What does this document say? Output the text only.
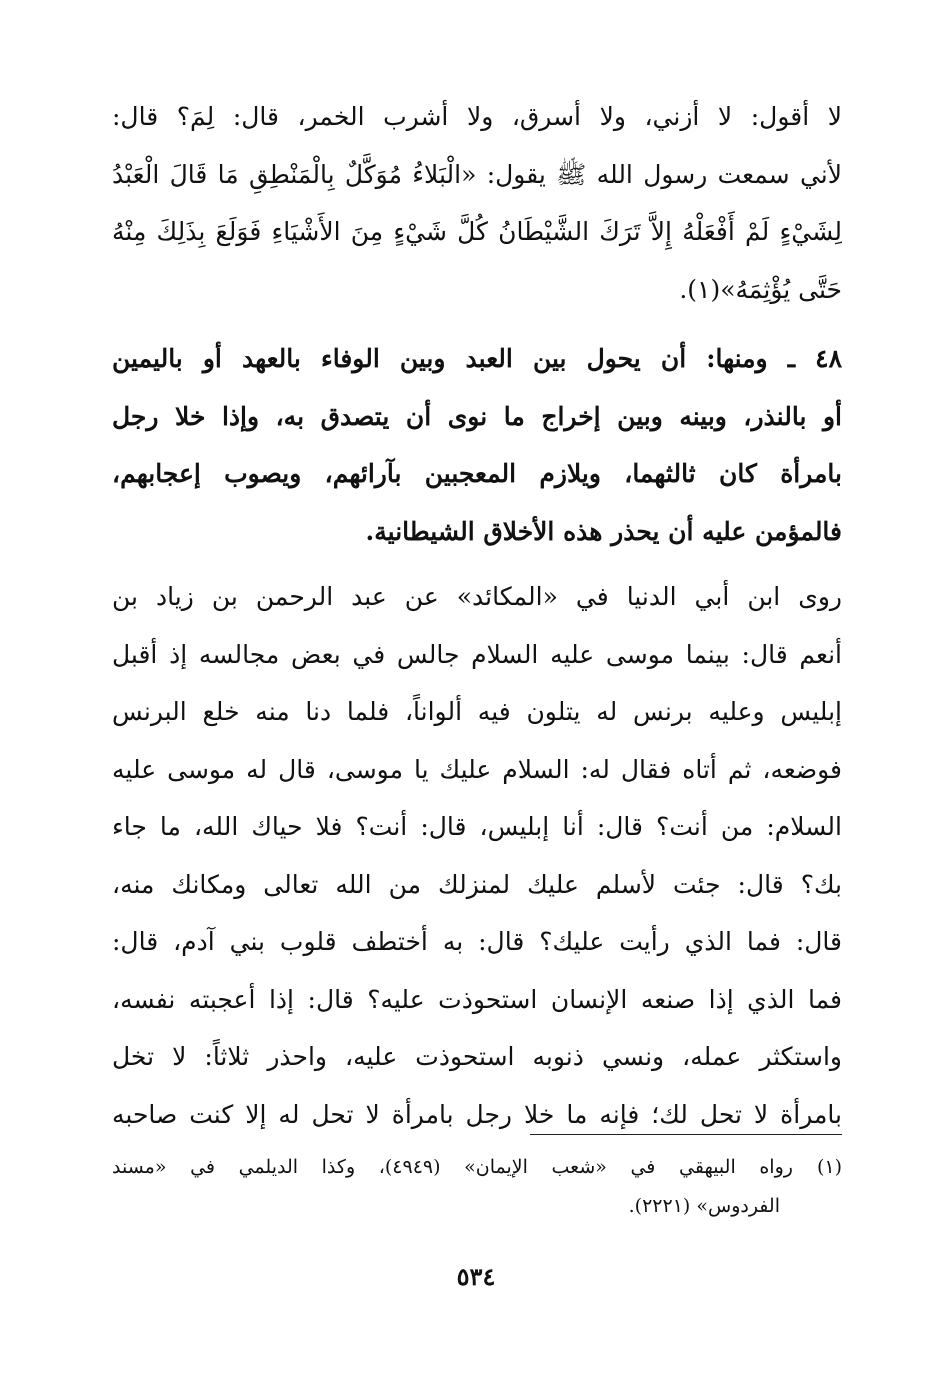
لا أقول: لا أزني، ولا أسرق، ولا أشرب الخمر، قال: لِمَ؟ قال:
لأني سمعت رسول الله ﷺ يقول: «الْبَلاءُ مُوَكَّلٌ بِالْمَنْطِقِ مَا قَالَ الْعَبْدُ
لِشَيْءٍ لَمْ أَفْعَلْهُ إِلاَّ تَرَكَ الشَّيْطَانُ كُلَّ شَيْءٍ مِنَ الأَشْيَاءِ فَوَلَعَ بِذَلِكَ مِنْهُ
حَتَّى يُؤْثِمَهُ»(١).

٤٨ ـ ومنها: أن يحول بين العبد وبين الوفاء بالعهد أو باليمين
أو بالنذر، وبينه وبين إخراج ما نوى أن يتصدق به، وإذا خلا رجل
بامرأة كان ثالثهما، ويلازم المعجبين بآرائهم، ويصوب إعجابهم،
فالمؤمن عليه أن يحذر هذه الأخلاق الشيطانية.

روى ابن أبي الدنيا في «المكائد» عن عبد الرحمن بن زياد بن
أنعم قال: بينما موسى عليه السلام جالس في بعض مجالسه إذ أقبل
إبليس وعليه برنس له يتلون فيه ألواناً، فلما دنا منه خلع البرنس
فوضعه، ثم أتاه فقال له: السلام عليك يا موسى، قال له موسى عليه
السلام: من أنت؟ قال: أنا إبليس، قال: أنت؟ فلا حياك الله، ما جاء
بك؟ قال: جئت لأسلم عليك لمنزلك من الله تعالى ومكانك منه،
قال: فما الذي رأيت عليك؟ قال: به أختطف قلوب بني آدم، قال:
فما الذي إذا صنعه الإنسان استحوذت عليه؟ قال: إذا أعجبته نفسه،
واستكثر عمله، ونسي ذنوبه استحوذت عليه، واحذر ثلاثاً: لا تخل
بامرأة لا تحل لك؛ فإنه ما خلا رجل بامرأة لا تحل له إلا كنت صاحبه

(١)رواه البيهقي في «شعب الإيمان» (٤٩٤٩)، وكذا الديلمي في «مسند
الفردوس» (٢٢٢١).
٥٣٤
